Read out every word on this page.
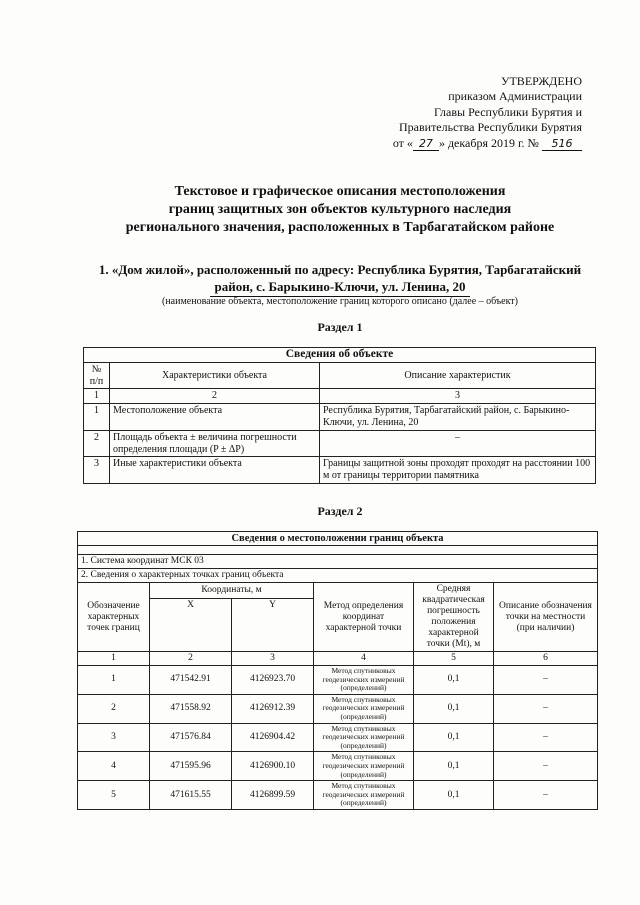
УТВЕРЖДЕНО
приказом Администрации
Главы Республики Бурятия и
Правительства Республики Бурятия
от « 27 » декабря 2019 г. № 516
Текстовое и графическое описания местоположения
границ защитных зон объектов культурного наследия
регионального значения, расположенных в Тарбагатайском районе
1. «Дом жилой», расположенный по адресу: Республика Бурятия, Тарбагатайский
район, с. Барыкино-Ключи, ул. Ленина, 20
(наименование объекта, местоположение границ которого описано (далее – объект)
Раздел 1
Сведения об объекте		
№ п/п	Характеристики объекта	Описание характеристик
1	2	3
1	Местоположение объекта	Республика Бурятия, Тарбагатайский район, с. Барыкино-Ключи, ул. Ленина, 20
2	Площадь объекта ± величина погрешности определения площади (P ± ΔP)	–
3	Иные характеристики объекта	Границы защитной зоны проходят проходят на расстоянии 100 м от границы территории памятника
Раздел 2
Сведения о местоположении границ объекта					

1. Система координат МСК 03					
2. Сведения о характерных точках границ объекта					
Обозначение характерных точек границ	Координаты, м		Метод определения координат характерной точки	Средняя квадратическая погрешность положения характерной точки (Mt), м	Описание обозначения точки на местности (при наличии)
	X	Y			
1	2	3	4	5	6
1	471542.91	4126923.70	Метод спутниковых геодезических измерений (определений)	0,1	–
2	471558.92	4126912.39	Метод спутниковых геодезических измерений (определений)	0,1	–
3	471576.84	4126904.42	Метод спутниковых геодезических измерений (определений)	0,1	–
4	471595.96	4126900.10	Метод спутниковых геодезических измерений (определений)	0,1	–
5	471615.55	4126899.59	Метод спутниковых геодезических измерений (определений)	0,1	–
